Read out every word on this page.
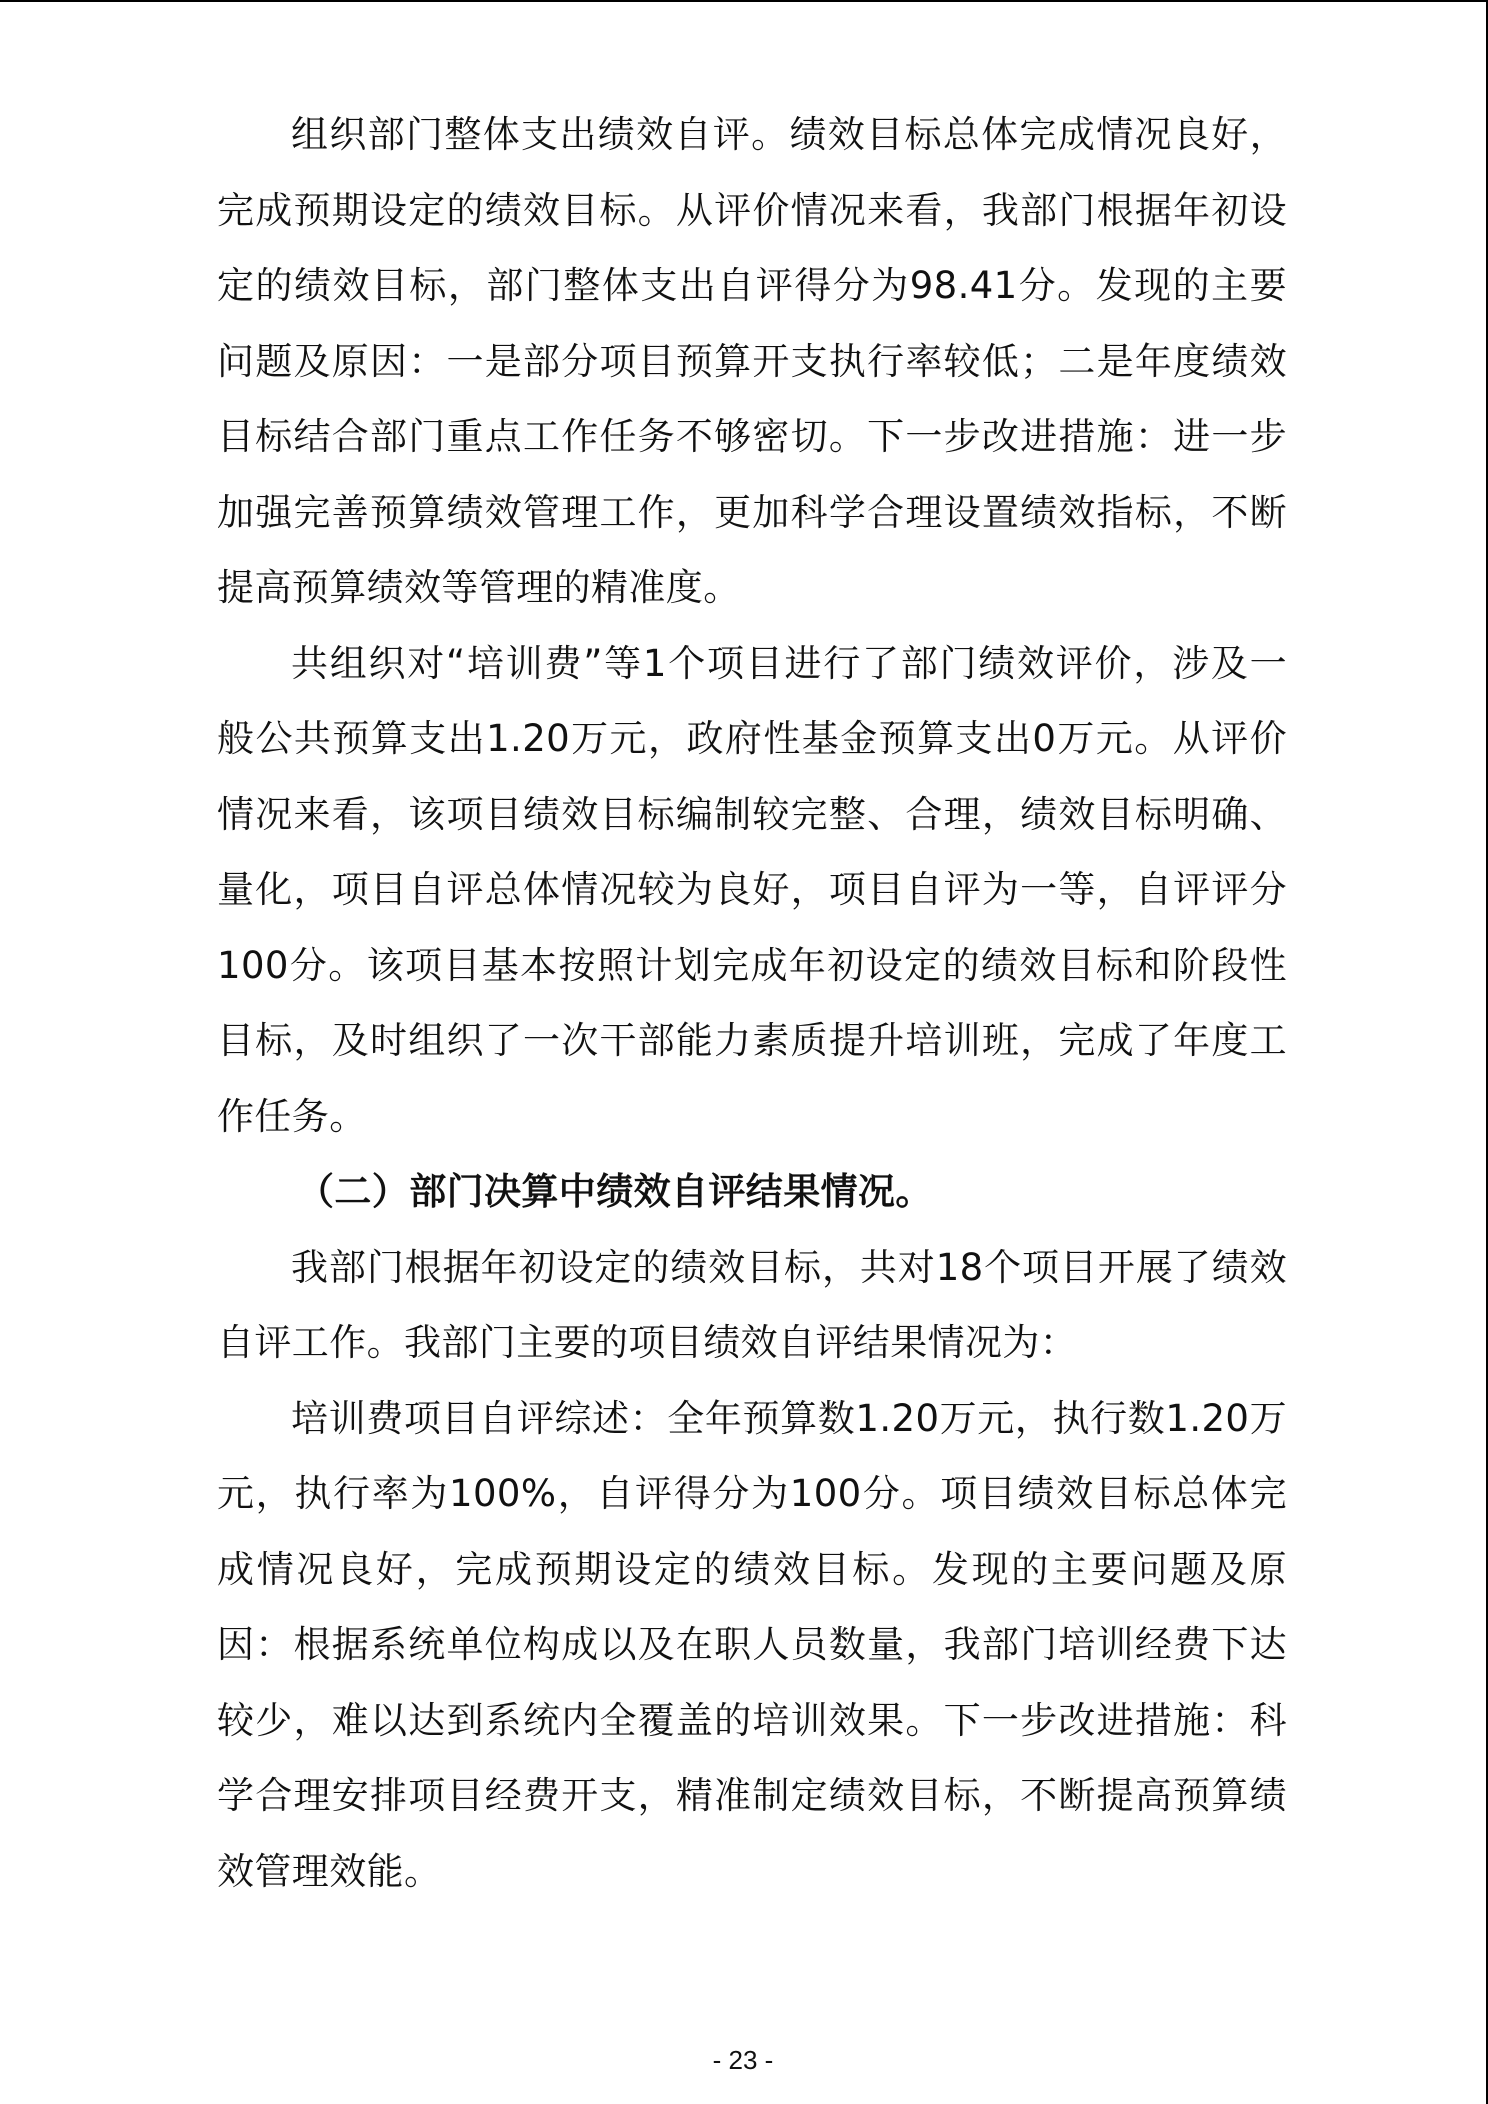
组织部门整体支出绩效自评。绩效目标总体完成情况良好，完成预期设定的绩效目标。从评价情况来看，我部门根据年初设定的绩效目标，部门整体支出自评得分为98.41分。发现的主要问题及原因：一是部分项目预算开支执行率较低；二是年度绩效目标结合部门重点工作任务不够密切。下一步改进措施：进一步加强完善预算绩效管理工作，更加科学合理设置绩效指标，不断提高预算绩效等管理的精准度。

共组织对“培训费”等1个项目进行了部门绩效评价，涉及一般公共预算支出1.20万元，政府性基金预算支出0万元。从评价情况来看，该项目绩效目标编制较完整、合理，绩效目标明确、量化，项目自评总体情况较为良好，项目自评为一等，自评评分100分。该项目基本按照计划完成年初设定的绩效目标和阶段性目标，及时组织了一次干部能力素质提升培训班，完成了年度工作任务。

（二）部门决算中绩效自评结果情况。

我部门根据年初设定的绩效目标，共对18个项目开展了绩效自评工作。我部门主要的项目绩效自评结果情况为：

培训费项目自评综述：全年预算数1.20万元，执行数1.20万元，执行率为100%，自评得分为100分。项目绩效目标总体完成情况良好，完成预期设定的绩效目标。发现的主要问题及原因：根据系统单位构成以及在职人员数量，我部门培训经费下达较少，难以达到系统内全覆盖的培训效果。下一步改进措施：科学合理安排项目经费开支，精准制定绩效目标，不断提高预算绩效管理效能。

- 23 -
